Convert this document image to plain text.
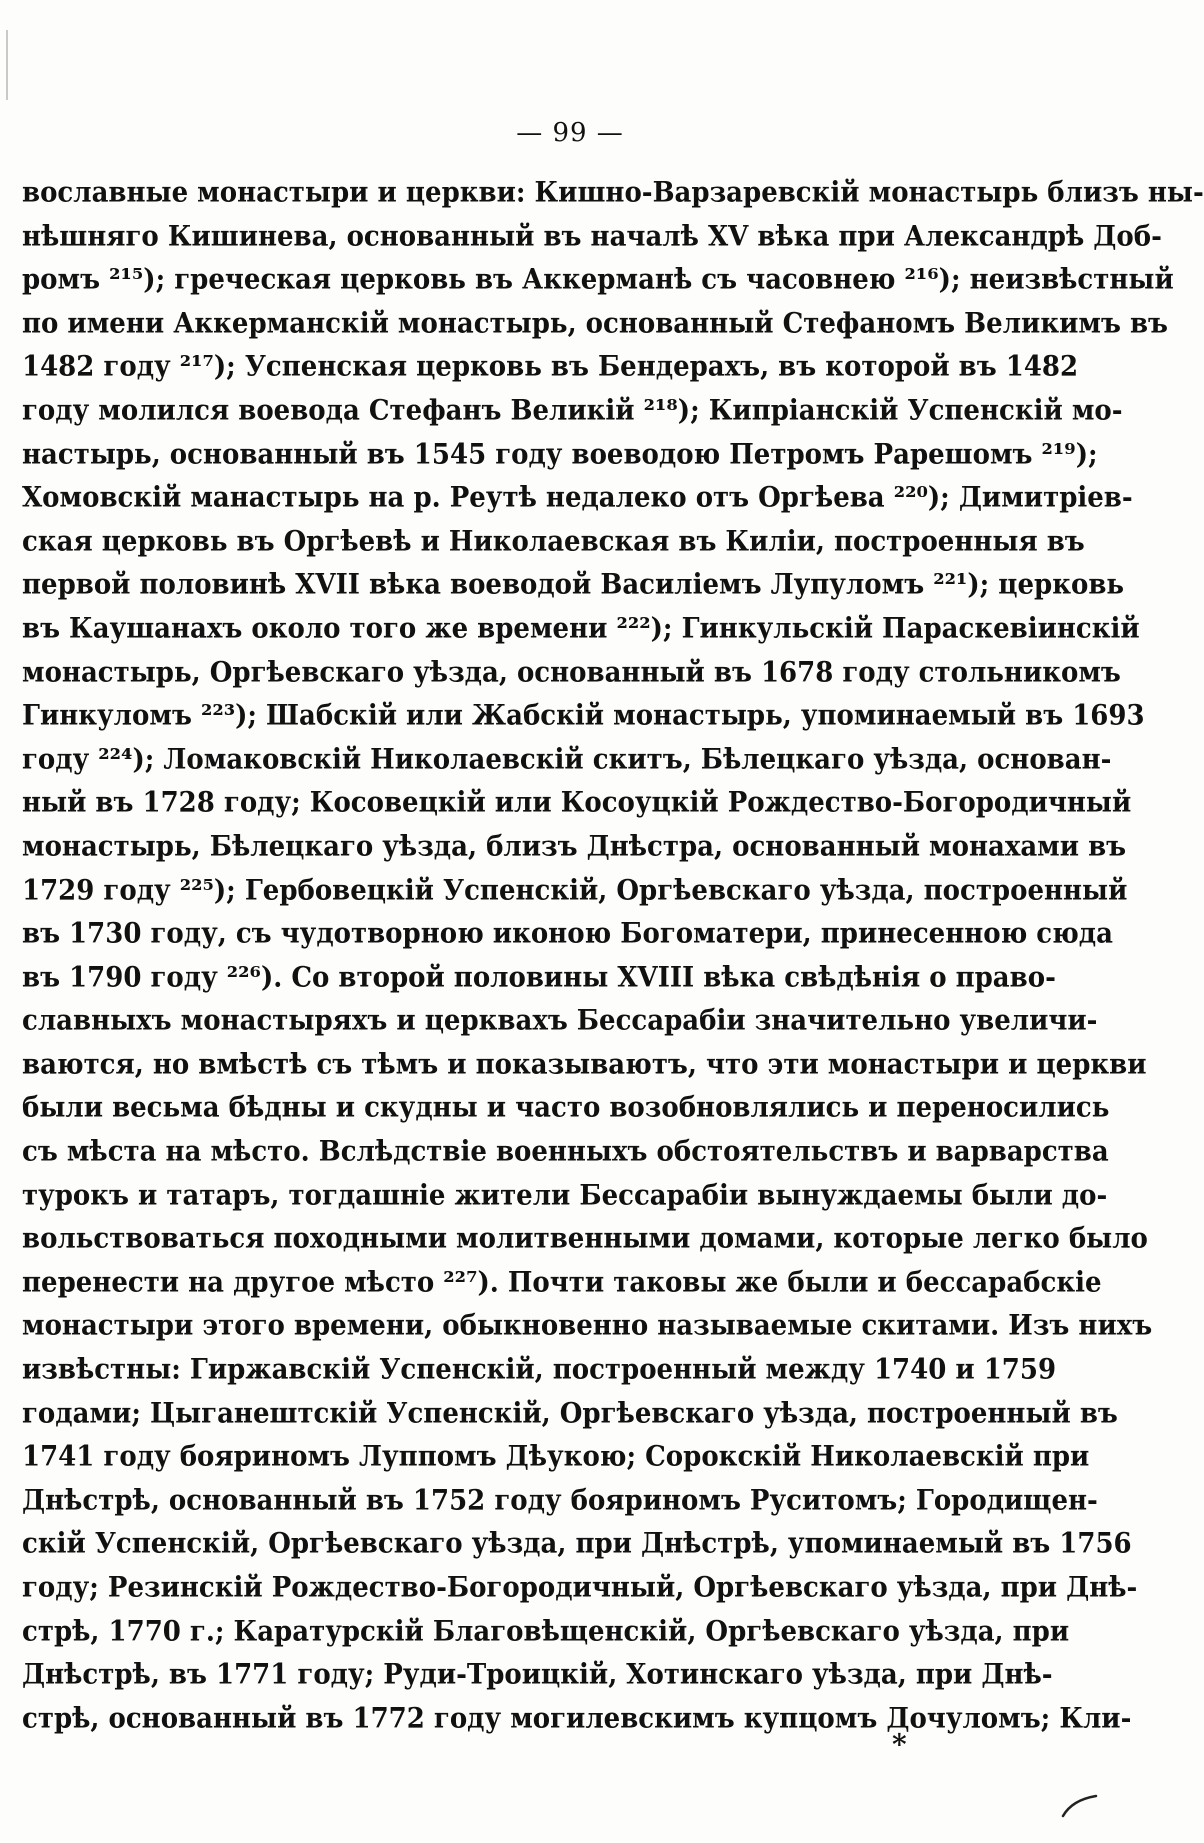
— 99 —
вославные монастыри и церкви: Кишно-Варзаревскій монастырь близъ ны-
нѣшняго Кишинева, основанный въ началѣ XV вѣка при Александрѣ Доб-
ромъ ²¹⁵); греческая церковь въ Аккерманѣ съ часовнею ²¹⁶); неизвѣстный
по имени Аккерманскій монастырь, основанный Стефаномъ Великимъ въ
1482 году ²¹⁷); Успенская церковь въ Бендерахъ, въ которой въ 1482
году молился воевода Стефанъ Великій ²¹⁸); Кипріанскій Успенскій мо-
настырь, основанный въ 1545 году воеводою Петромъ Рарешомъ ²¹⁹);
Хомовскій манастырь на р. Реутѣ недалеко отъ Оргѣева ²²⁰); Димитріев-
ская церковь въ Оргѣевѣ и Николаевская въ Киліи, построенныя въ
первой половинѣ XVII вѣка воеводой Василіемъ Лупуломъ ²²¹); церковь
въ Каушанахъ около того же времени ²²²); Гинкульскій Параскевіинскій
монастырь, Оргѣевскаго уѣзда, основанный въ 1678 году стольникомъ
Гинкуломъ ²²³); Шабскій или Жабскій монастырь, упоминаемый въ 1693
году ²²⁴); Ломаковскій Николаевскій скитъ, Бѣлецкаго уѣзда, основан-
ный въ 1728 году; Косовецкій или Косоуцкій Рождество-Богородичный
монастырь, Бѣлецкаго уѣзда, близъ Днѣстра, основанный монахами въ
1729 году ²²⁵); Гербовецкій Успенскій, Оргѣевскаго уѣзда, построенный
въ 1730 году, съ чудотворною иконою Богоматери, принесенною сюда
въ 1790 году ²²⁶). Со второй половины XVIII вѣка свѣдѣнія о право-
славныхъ монастыряхъ и церквахъ Бессарабіи значительно увеличи-
ваются, но вмѣстѣ съ тѣмъ и показываютъ, что эти монастыри и церкви
были весьма бѣдны и скудны и часто возобновлялись и переносились
съ мѣста на мѣсто. Вслѣдствіе военныхъ обстоятельствъ и варварства
турокъ и татаръ, тогдашніе жители Бессарабіи вынуждаемы были до-
вольствоваться походными молитвенными домами, которые легко было
перенести на другое мѣсто ²²⁷). Почти таковы же были и бессарабскіе
монастыри этого времени, обыкновенно называемые скитами. Изъ нихъ
извѣстны: Гиржавскій Успенскій, построенный между 1740 и 1759
годами; Цыганештскій Успенскій, Оргѣевскаго уѣзда, построенный въ
1741 году бояриномъ Луппомъ Дѣукою; Сорокскій Николаевскій при
Днѣстрѣ, основанный въ 1752 году бояриномъ Руситомъ; Городищен-
скій Успенскій, Оргѣевскаго уѣзда, при Днѣстрѣ, упоминаемый въ 1756
году; Резинскій Рождество-Богородичный, Оргѣевскаго уѣзда, при Днѣ-
стрѣ, 1770 г.; Каратурскій Благовѣщенскій, Оргѣевскаго уѣзда, при
Днѣстрѣ, въ 1771 году; Руди-Троицкій, Хотинскаго уѣзда, при Днѣ-
стрѣ, основанный въ 1772 году могилевскимъ купцомъ Дочуломъ; Кли-
*
